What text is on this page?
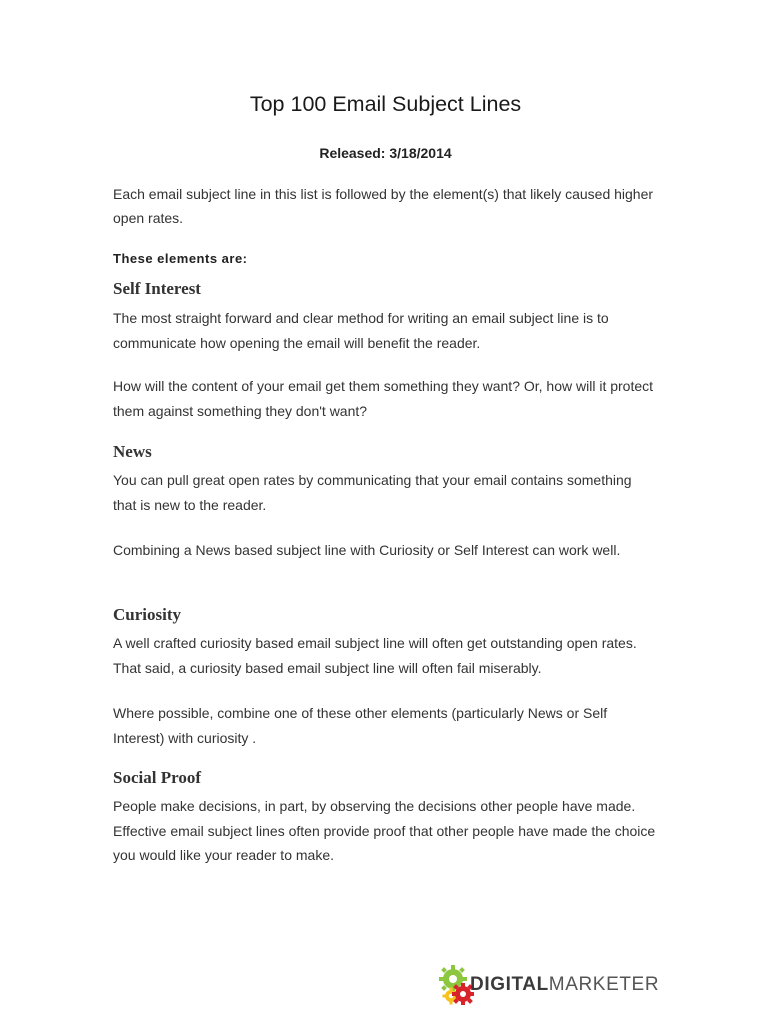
Top 100 Email Subject Lines

Released: 3/18/2014

Each email subject line in this list is followed by the element(s) that likely caused higher open rates.

These elements are:

Self Interest

The most straight forward and clear method for writing an email subject line is to communicate how opening the email will benefit the reader.

How will the content of your email get them something they want? Or, how will it protect them against something they don't want?

News

You can pull great open rates by communicating that your email contains something that is new to the reader.

Combining a News based subject line with Curiosity or Self Interest can work well.

Curiosity

A well crafted curiosity based email subject line will often get outstanding open rates. That said, a curiosity based email subject line will often fail miserably.

Where possible, combine one of these other elements (particularly News or Self Interest) with curiosity .

Social Proof

People make decisions, in part, by observing the decisions other people have made. Effective email subject lines often provide proof that other people have made the choice you would like your reader to make.

DIGITALMARKETER
